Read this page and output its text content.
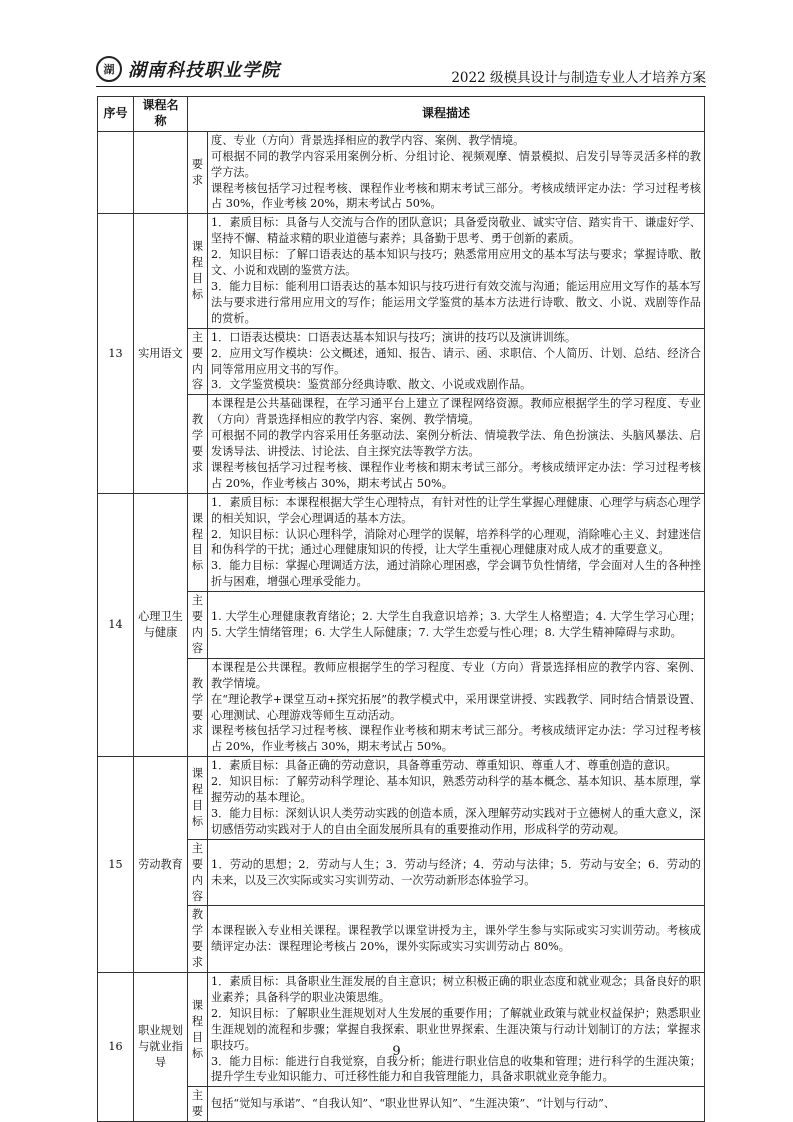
湖 湖南科技职业学院	2022 级模具设计与制造专业人才培养方案
序号	课程名称	课程描述	
		要求	度、专业（方向）背景选择相应的教学内容、案例、教学情境。
可根据不同的教学内容采用案例分析、分组讨论、视频观摩、情景模拟、启发引导等灵活多样的教学方法。
课程考核包括学习过程考核、课程作业考核和期末考试三部分。考核成绩评定办法：学习过程考核占 30%，作业考核 20%，期末考试占 50%。

13	实用语文	课程目标	1．素质目标：具备与人交流与合作的团队意识；具备爱岗敬业、诚实守信、踏实肯干、谦虚好学、坚持不懈、精益求精的职业道德与素养；具备勤于思考、勇于创新的素质。
2．知识目标：了解口语表达的基本知识与技巧；熟悉常用应用文的基本写法与要求；掌握诗歌、散文、小说和戏剧的鉴赏方法。
3．能力目标：能利用口语表达的基本知识与技巧进行有效交流与沟通；能运用应用文写作的基本写法与要求进行常用应用文的写作；能运用文学鉴赏的基本方法进行诗歌、散文、小说、戏剧等作品的赏析。

		主要内容	1．口语表达模块：口语表达基本知识与技巧；演讲的技巧以及演讲训练。
2．应用文写作模块：公文概述，通知、报告、请示、函、求职信、个人简历、计划、总结、经济合同等常用应用文书的写作。
3．文学鉴赏模块：鉴赏部分经典诗歌、散文、小说或戏剧作品。

		教学要求	本课程是公共基础课程，在学习通平台上建立了课程网络资源。教师应根据学生的学习程度、专业（方向）背景选择相应的教学内容、案例、教学情境。
可根据不同的教学内容采用任务驱动法、案例分析法、情境教学法、角色扮演法、头脑风暴法、启发诱导法、讲授法、讨论法、自主探究法等教学方法。
课程考核包括学习过程考核、课程作业考核和期末考试三部分。考核成绩评定办法：学习过程考核占 20%，作业考核占 30%，期末考试占 50%。

14	心理卫生与健康	课程目标	1．素质目标：本课程根据大学生心理特点，有针对性的让学生掌握心理健康、心理学与病态心理学的相关知识，学会心理调适的基本方法。
2．知识目标：认识心理科学，消除对心理学的误解，培养科学的心理观，消除唯心主义、封建迷信和伪科学的干扰；通过心理健康知识的传授，让大学生重视心理健康对成人成才的重要意义。
3．能力目标：掌握心理调适方法，通过消除心理困惑，学会调节负性情绪，学会面对人生的各种挫折与困难，增强心理承受能力。

		主要内容	1. 大学生心理健康教育绪论；2. 大学生自我意识培养；3. 大学生人格塑造；4. 大学生学习心理；5. 大学生情绪管理；6. 大学生人际健康；7. 大学生恋爱与性心理；8. 大学生精神障碍与求助。

		教学要求	本课程是公共课程。教师应根据学生的学习程度、专业（方向）背景选择相应的教学内容、案例、教学情境。
在“理论教学+课堂互动+探究拓展”的教学模式中，采用课堂讲授、实践教学、同时结合情景设置、心理测试、心理游戏等师生互动活动。
课程考核包括学习过程考核、课程作业考核和期末考试三部分。考核成绩评定办法：学习过程考核占 20%，作业考核占 30%，期末考试占 50%。

15	劳动教育	课程目标	1．素质目标：具备正确的劳动意识，具备尊重劳动、尊重知识、尊重人才、尊重创造的意识。
2．知识目标：了解劳动科学理论、基本知识，熟悉劳动科学的基本概念、基本知识、基本原理，掌握劳动的基本理论。
3．能力目标：深刻认识人类劳动实践的创造本质，深入理解劳动实践对于立德树人的重大意义，深切感悟劳动实践对于人的自由全面发展所具有的重要推动作用，形成科学的劳动观。

		主要内容	1．劳动的思想；2．劳动与人生；3．劳动与经济；4．劳动与法律；5．劳动与安全；6．劳动的未来，以及三次实际或实习实训劳动、一次劳动新形态体验学习。

		教学要求	本课程嵌入专业相关课程。课程教学以课堂讲授为主，课外学生参与实际或实习实训劳动。考核成绩评定办法：课程理论考核占 20%，课外实际或实习实训劳动占 80%。

16	职业规划与就业指导	课程目标	1．素质目标：具备职业生涯发展的自主意识；树立积极正确的职业态度和就业观念；具备良好的职业素养；具备科学的职业决策思维。
2．知识目标：了解职业生涯规划对人生发展的重要作用；了解就业政策与就业权益保护；熟悉职业生涯规划的流程和步骤；掌握自我探索、职业世界探索、生涯决策与行动计划制订的方法；掌握求职技巧。
3．能力目标：能进行自我觉察，自我分析；能进行职业信息的收集和管理；进行科学的生涯决策；提升学生专业知识能力、可迁移性能力和自我管理能力，具备求职就业竞争能力。

		主要	包括“觉知与承诺”、“自我认知”、“职业世界认知”、“生涯决策”、“计划与行动”、
9
